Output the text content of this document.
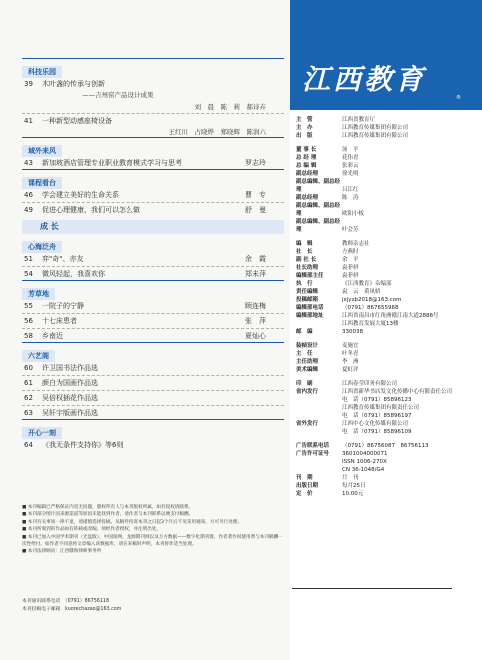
科技乐园
39	木叶盏的传承与创新
——吉州窑产品设计成果
刘　晨　陈　莉　郝诗卉
41	一种新型动感座椅设备
王红川　占晓烨　郑晓辉　陈润六
域外来风
43	新加坡酒店管理专业职业教育模式学习与思考	罗志玲
课程看台
46	学会建立美好的生命关系	曹　专
49	促进心理健康，我们可以怎么做	舒　曼
成 长
心海泛舟
51	弈"奇"、亦友	余　霞
54	微风轻起，我喜欢你	郑未萍
芳草地
55	一院子的宁静	顾连梅
56	十七床患者	张　萍
58	乡南近	夏灿心
六艺阁
60	许卫国书法作品选
61	颜白为国画作品选
62	吴倍权插花作品选
63	吴轩宇版画作品选
开心一刻
64	《我无条件支持你》等6则
■ 本刊编辑已严格保证内容无问题，版权所有人与本刊版权所属，如有侵权请联系。
■ 本刊部分图片因来源渠道等原因未能找到作者，请作者与本刊联系以便支付稿酬。
■ 本刊有关事项一律不退，请谨慎选择投稿。从稿件投寄本刊之日起3个月后不见采用通知，方可另行处理。
■ 本刊所收到的作品如有转载或改编，须经作者授权，并注明出处。
■ 本刊已加入中国学术期刊（光盘版）、中国知网、龙源期刊网以及万方数据——数字化期刊群，作者著作权使用费与本刊稿酬一次性给付。如作者不同意将文章编入该数据库，请在来稿时声明，本刊将作适当处理。
■ 本刊法律顾问：江西赣和律师事务所
本刊通讯联系电话　（0791）86756118
本刊投稿电子邮箱　kuorechazao@163.com
江西教育
®
主　管	江西省教育厅
主　办	江西教育传媒集团有限公司
出　版	江西教育传媒集团有限公司
董 事 长	汤　平
总 经 理	花伟青
总 编 辑	张彩云
副总经理	徐光明
副总编辑、副总经理	吕江红
副总经理	陈　涛
副总编辑、副总经理	欧阳小板
副总编辑、副总经理	叶会芳
编　辑	教师杂志社
社　长	方燕时
副 社 长	余　平
社长助理	袁菲妍
编辑部主任	袁菲妍
执　行	《江西教育》杂编部
责任编辑	袁　云　黄凤娇
投稿邮箱	jxjyzb2018@163.com
编辑部电话	（0791）867655968
编辑部地址	江西省南昌市红角洲赣江南大道2888号
江西教育发展大厦13楼
邮　编	330038
装帧设计	麦施宜
主　任	叶冬青
主任助理	李　洲
美术编辑	夏虹评
印　刷	江西春莹印务有限公司
省内发行	江西省新华书店发文化传播中心有限责任公司
电　话（0791）85896123
江西教育传媒集团有限责任公司
电　话（0791）85896197
省外发行	江西中心文化传媒有限公司
电　话（0791）85896109
广告联系电话 （0791）86756087　86756113
广告许可证号 3601004000071
ISSN 1006-270X
CN 36-1048/G4
刊　期	月　刊
出版日期	每月25日
定　价	10.00元
